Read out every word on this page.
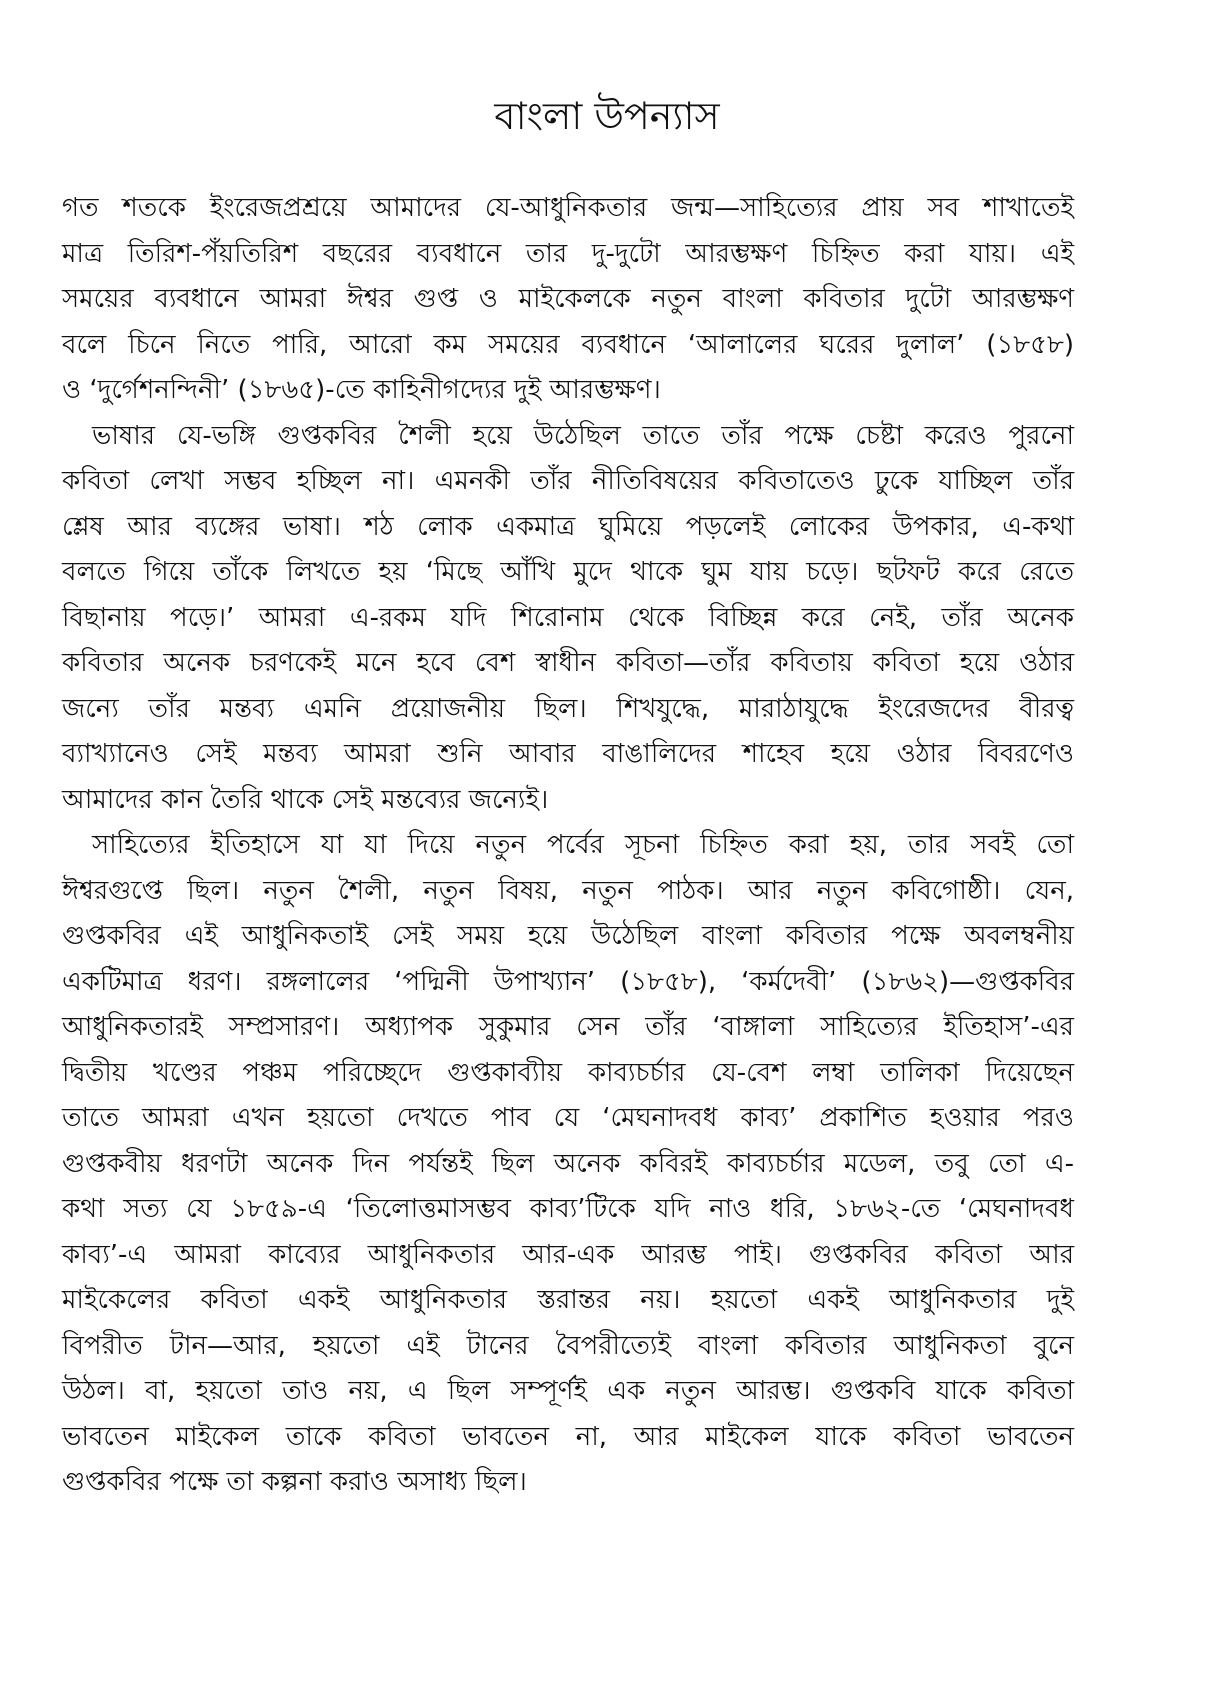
বাংলা উপন্যাস
গত শতকে ইংরেজপ্রশ্রয়ে আমাদের যে-আধুনিকতার জন্ম—সাহিত্যের প্রায় সব শাখাতেই
মাত্র তিরিশ-পঁয়তিরিশ বছরের ব্যবধানে তার দু-দুটো আরম্ভক্ষণ চিহ্নিত করা যায়। এই
সময়ের ব্যবধানে আমরা ঈশ্বর গুপ্ত ও মাইকেলকে নতুন বাংলা কবিতার দুটো আরম্ভক্ষণ
বলে চিনে নিতে পারি, আরো কম সময়ের ব্যবধানে ‘আলালের ঘরের দুলাল’ (১৮৫৮)
ও ‘দুর্গেশনন্দিনী’ (১৮৬৫)-তে কাহিনীগদ্যের দুই আরম্ভক্ষণ।
ভাষার যে-ভঙ্গি গুপ্তকবির শৈলী হয়ে উঠেছিল তাতে তাঁর পক্ষে চেষ্টা করেও পুরনো
কবিতা লেখা সম্ভব হচ্ছিল না। এমনকী তাঁর নীতিবিষয়ের কবিতাতেও ঢুকে যাচ্ছিল তাঁর
শ্লেষ আর ব্যঙ্গের ভাষা। শঠ লোক একমাত্র ঘুমিয়ে পড়লেই লোকের উপকার, এ-কথা
বলতে গিয়ে তাঁকে লিখতে হয় ‘মিছে আঁখি মুদে থাকে ঘুম যায় চড়ে। ছটফট করে রেতে
বিছানায় পড়ে।’ আমরা এ-রকম যদি শিরোনাম থেকে বিচ্ছিন্ন করে নেই, তাঁর অনেক
কবিতার অনেক চরণকেই মনে হবে বেশ স্বাধীন কবিতা—তাঁর কবিতায় কবিতা হয়ে ওঠার
জন্যে তাঁর মন্তব্য এমনি প্রয়োজনীয় ছিল। শিখযুদ্ধে, মারাঠাযুদ্ধে ইংরেজদের বীরত্ব
ব্যাখ্যানেও সেই মন্তব্য আমরা শুনি আবার বাঙালিদের শাহেব হয়ে ওঠার বিবরণেও
আমাদের কান তৈরি থাকে সেই মন্তব্যের জন্যেই।
সাহিত্যের ইতিহাসে যা যা দিয়ে নতুন পর্বের সূচনা চিহ্নিত করা হয়, তার সবই তো
ঈশ্বরগুপ্তে ছিল। নতুন শৈলী, নতুন বিষয়, নতুন পাঠক। আর নতুন কবিগোষ্ঠী। যেন,
গুপ্তকবির এই আধুনিকতাই সেই সময় হয়ে উঠেছিল বাংলা কবিতার পক্ষে অবলম্বনীয়
একটিমাত্র ধরণ। রঙ্গলালের ‘পদ্মিনী উপাখ্যান’ (১৮৫৮), ‘কর্মদেবী’ (১৮৬২)—গুপ্তকবির
আধুনিকতারই সম্প্রসারণ। অধ্যাপক সুকুমার সেন তাঁর ‘বাঙ্গালা সাহিত্যের ইতিহাস’-এর
দ্বিতীয় খণ্ডের পঞ্চম পরিচ্ছেদে গুপ্তকাব্যীয় কাব্যচর্চার যে-বেশ লম্বা তালিকা দিয়েছেন
তাতে আমরা এখন হয়তো দেখতে পাব যে ‘মেঘনাদবধ কাব্য’ প্রকাশিত হওয়ার পরও
গুপ্তকবীয় ধরণটা অনেক দিন পর্যন্তই ছিল অনেক কবিরই কাব্যচর্চার মডেল, তবু তো এ-
কথা সত্য যে ১৮৫৯-এ ‘তিলোত্তমাসম্ভব কাব্য’টিকে যদি নাও ধরি, ১৮৬২-তে ‘মেঘনাদবধ
কাব্য’-এ আমরা কাব্যের আধুনিকতার আর-এক আরম্ভ পাই। গুপ্তকবির কবিতা আর
মাইকেলের কবিতা একই আধুনিকতার স্তরান্তর নয়। হয়তো একই আধুনিকতার দুই
বিপরীত টান—আর, হয়তো এই টানের বৈপরীত্যেই বাংলা কবিতার আধুনিকতা বুনে
উঠল। বা, হয়তো তাও নয়, এ ছিল সম্পূর্ণই এক নতুন আরম্ভ। গুপ্তকবি যাকে কবিতা
ভাবতেন মাইকেল তাকে কবিতা ভাবতেন না, আর মাইকেল যাকে কবিতা ভাবতেন
গুপ্তকবির পক্ষে তা কল্পনা করাও অসাধ্য ছিল।
